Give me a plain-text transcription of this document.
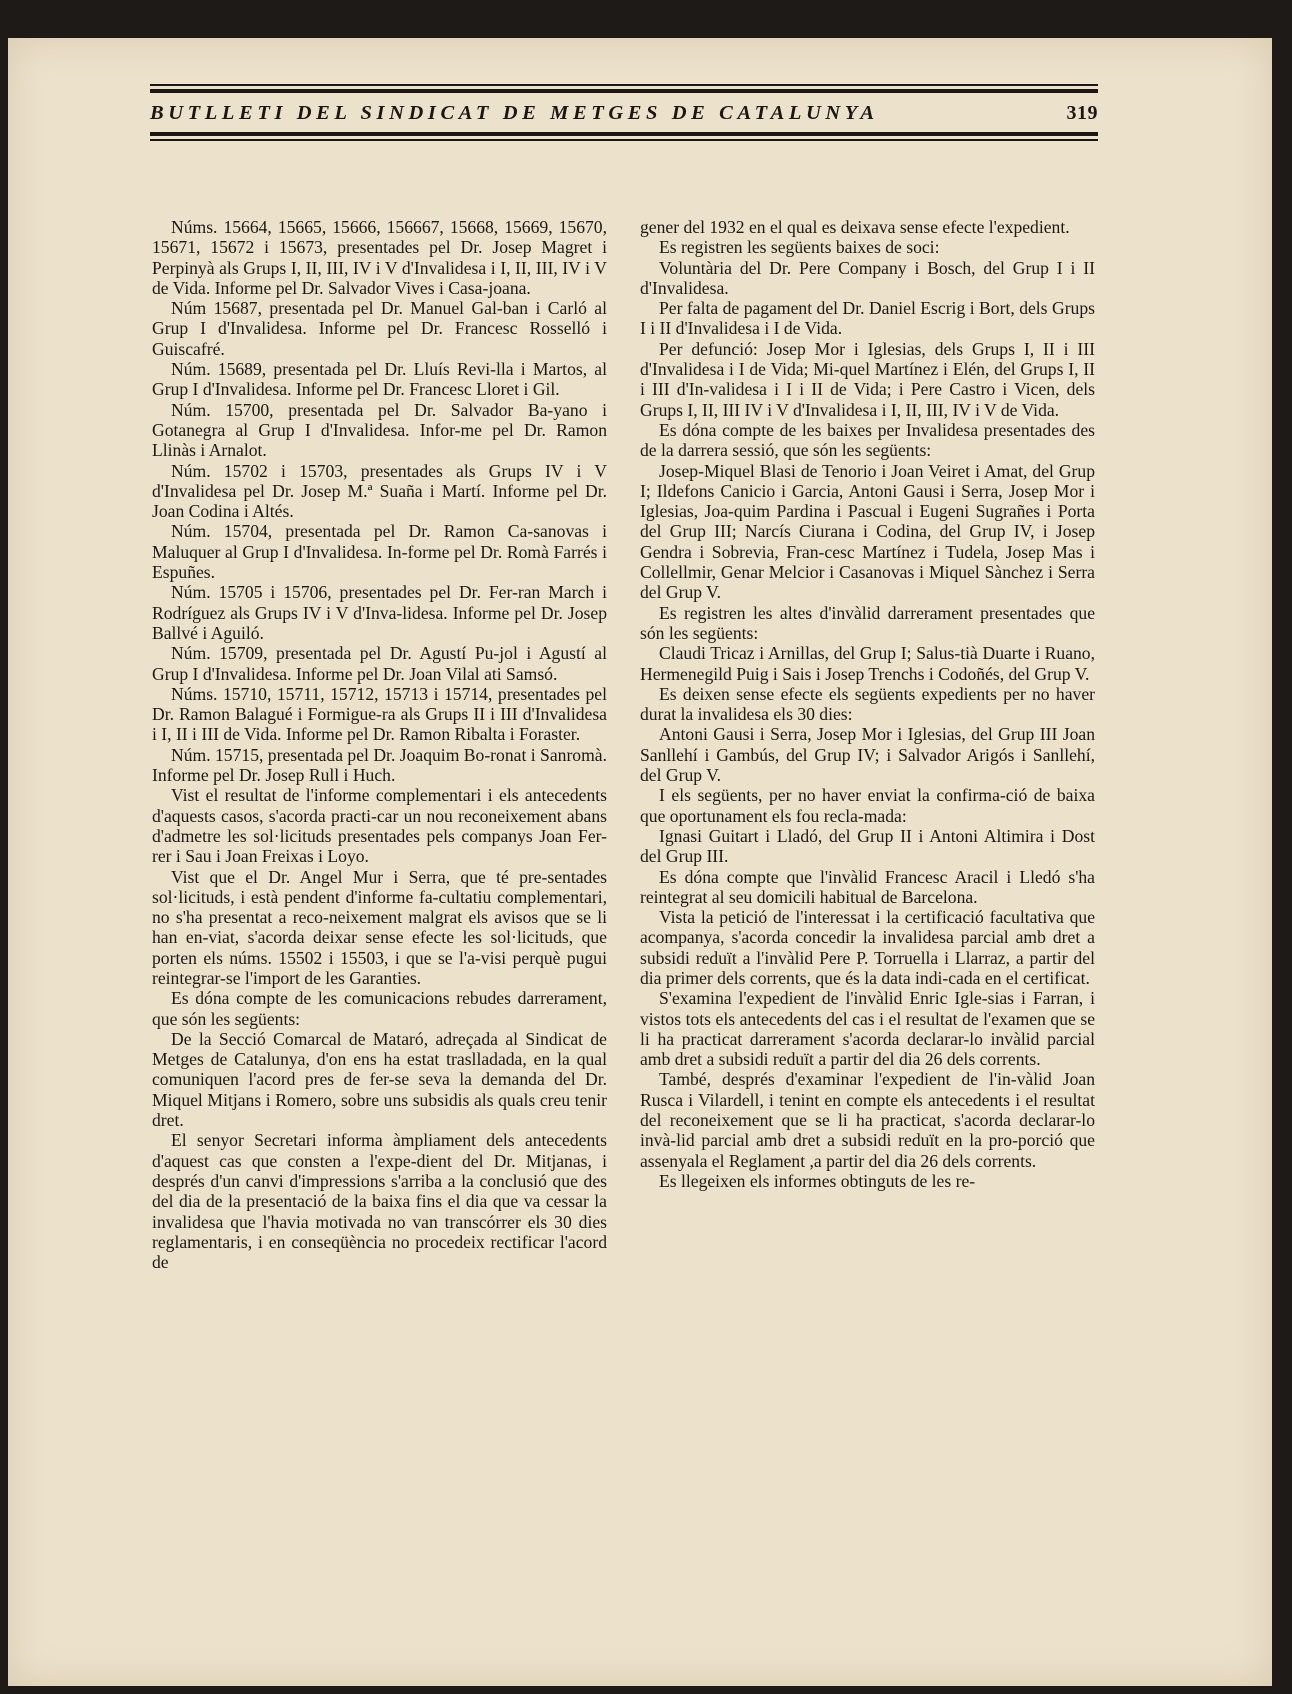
BUTLLETI DEL SINDICAT DE METGES DE CATALUNYA	319

Núms. 15664, 15665, 15666, 156667, 15668, 15669, 15670, 15671, 15672 i 15673, presentades pel Dr. Josep Magret i Perpinyà als Grups I, II, III, IV i V d'Invalidesa i I, II, III, IV i V de Vida. Informe pel Dr. Salvador Vives i Casa-joana.

Núm 15687, presentada pel Dr. Manuel Gal-ban i Carló al Grup I d'Invalidesa. Informe pel Dr. Francesc Rosselló i Guiscafré.

Núm. 15689, presentada pel Dr. Lluís Revi-lla i Martos, al Grup I d'Invalidesa. Informe pel Dr. Francesc Lloret i Gil.

Núm. 15700, presentada pel Dr. Salvador Ba-yano i Gotanegra al Grup I d'Invalidesa. Infor-me pel Dr. Ramon Llinàs i Arnalot.

Núm. 15702 i 15703, presentades als Grups IV i V d'Invalidesa pel Dr. Josep M.ª Suaña i Martí. Informe pel Dr. Joan Codina i Altés.

Núm. 15704, presentada pel Dr. Ramon Ca-sanovas i Maluquer al Grup I d'Invalidesa. In-forme pel Dr. Romà Farrés i Espuñes.

Núm. 15705 i 15706, presentades pel Dr. Fer-ran March i Rodríguez als Grups IV i V d'Inva-lidesa. Informe pel Dr. Josep Ballvé i Aguiló.

Núm. 15709, presentada pel Dr. Agustí Pu-jol i Agustí al Grup I d'Invalidesa. Informe pel Dr. Joan Vilal ati Samsó.

Núms. 15710, 15711, 15712, 15713 i 15714, presentades pel Dr. Ramon Balagué i Formigue-ra als Grups II i III d'Invalidesa i I, II i III de Vida. Informe pel Dr. Ramon Ribalta i Foraster.

Núm. 15715, presentada pel Dr. Joaquim Bo-ronat i Sanromà. Informe pel Dr. Josep Rull i Huch.

Vist el resultat de l'informe complementari i els antecedents d'aquests casos, s'acorda practi-car un nou reconeixement abans d'admetre les sol·licituds presentades pels companys Joan Fer-rer i Sau i Joan Freixas i Loyo.

Vist que el Dr. Angel Mur i Serra, que té pre-sentades sol·licituds, i està pendent d'informe fa-cultatiu complementari, no s'ha presentat a reco-neixement malgrat els avisos que se li han en-viat, s'acorda deixar sense efecte les sol·licituds, que porten els núms. 15502 i 15503, i que se l'a-visi perquè pugui reintegrar-se l'import de les Garanties.

Es dóna compte de les comunicacions rebudes darrerament, que són les següents:

De la Secció Comarcal de Mataró, adreçada al Sindicat de Metges de Catalunya, d'on ens ha estat traslladada, en la qual comuniquen l'acord pres de fer-se seva la demanda del Dr. Miquel Mitjans i Romero, sobre uns subsidis als quals creu tenir dret.

El senyor Secretari informa àmpliament dels antecedents d'aquest cas que consten a l'expe-dient del Dr. Mitjanas, i després d'un canvi d'impressions s'arriba a la conclusió que des del dia de la presentació de la baixa fins el dia que va cessar la invalidesa que l'havia motivada no van transcórrer els 30 dies reglamentaris, i en conseqüència no procedeix rectificar l'acord de

gener del 1932 en el qual es deixava sense efecte l'expedient.

Es registren les següents baixes de soci:

Voluntària del Dr. Pere Company i Bosch, del Grup I i II d'Invalidesa.

Per falta de pagament del Dr. Daniel Escrig i Bort, dels Grups I i II d'Invalidesa i I de Vida.

Per defunció: Josep Mor i Iglesias, dels Grups I, II i III d'Invalidesa i I de Vida; Mi-quel Martínez i Elén, del Grups I, II i III d'In-validesa i I i II de Vida; i Pere Castro i Vicen, dels Grups I, II, III IV i V d'Invalidesa i I, II, III, IV i V de Vida.

Es dóna compte de les baixes per Invalidesa presentades des de la darrera sessió, que són les següents:

Josep-Miquel Blasi de Tenorio i Joan Veiret i Amat, del Grup I; Ildefons Canicio i Garcia, Antoni Gausi i Serra, Josep Mor i Iglesias, Joa-quim Pardina i Pascual i Eugeni Sugrañes i Porta del Grup III; Narcís Ciurana i Codina, del Grup IV, i Josep Gendra i Sobrevia, Fran-cesc Martínez i Tudela, Josep Mas i Collellmir, Genar Melcior i Casanovas i Miquel Sànchez i Serra del Grup V.

Es registren les altes d'invàlid darrerament presentades que són les següents:

Claudi Tricaz i Arnillas, del Grup I; Salus-tià Duarte i Ruano, Hermenegild Puig i Sais i Josep Trenchs i Codoñés, del Grup V.

Es deixen sense efecte els següents expedients per no haver durat la invalidesa els 30 dies:

Antoni Gausi i Serra, Josep Mor i Iglesias, del Grup III Joan Sanllehí i Gambús, del Grup IV; i Salvador Arigós i Sanllehí, del Grup V.

I els següents, per no haver enviat la confirma-ció de baixa que oportunament els fou recla-mada:

Ignasi Guitart i Lladó, del Grup II i Antoni Altimira i Dost del Grup III.

Es dóna compte que l'invàlid Francesc Aracil i Lledó s'ha reintegrat al seu domicili habitual de Barcelona.

Vista la petició de l'interessat i la certificació facultativa que acompanya, s'acorda concedir la invalidesa parcial amb dret a subsidi reduït a l'invàlid Pere P. Torruella i Llarraz, a partir del dia primer dels corrents, que és la data indi-cada en el certificat.

S'examina l'expedient de l'invàlid Enric Igle-sias i Farran, i vistos tots els antecedents del cas i el resultat de l'examen que se li ha practicat darrerament s'acorda declarar-lo invàlid parcial amb dret a subsidi reduït a partir del dia 26 dels corrents.

També, després d'examinar l'expedient de l'in-vàlid Joan Rusca i Vilardell, i tenint en compte els antecedents i el resultat del reconeixement que se li ha practicat, s'acorda declarar-lo invà-lid parcial amb dret a subsidi reduït en la pro-porció que assenyala el Reglament ,a partir del dia 26 dels corrents.

Es llegeixen els informes obtinguts de les re-
